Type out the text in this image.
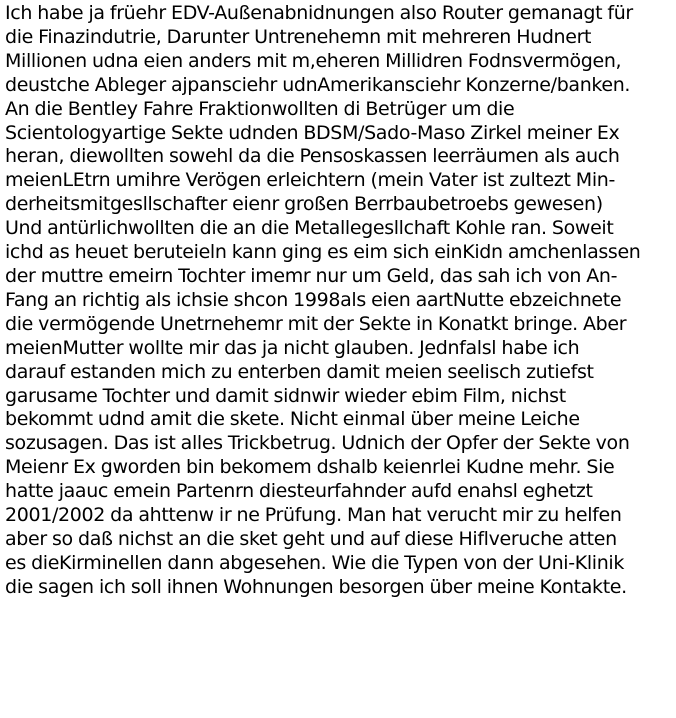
Ich habe ja früehr EDV-Außenabnidnungen also Router gemanagt für
die Finazindutrie, Darunter Untrenehemn mit mehreren Hudnert
Millionen udna eien anders mit m,eheren Millidren Fodnsvermögen,
deustche Ableger ajpansciehr udnAmerikansciehr Konzerne/banken.
An die Bentley Fahre Fraktionwollten di Betrüger um die
Scientologyartige Sekte udnden BDSM/Sado-Maso Zirkel meiner Ex
heran, diewollten sowehl da die Pensoskassen leerräumen als auch
meienLEtrn umihre Verögen erleichtern (mein Vater ist zultezt Min-
derheitsmitgesllschafter eienr großen Berrbaubetroebs gewesen)
Und antürlichwollten die an die Metallegesllchaft Kohle ran. Soweit
ichd as heuet beruteieln kann ging es eim sich einKidn amchenlassen
der muttre emeirn Tochter imemr nur um Geld, das sah ich von An-
Fang an richtig als ichsie shcon 1998als eien aartNutte ebzeichnete
die vermögende Unetrnehemr mit der Sekte in Konatkt bringe. Aber
meienMutter wollte mir das ja nicht glauben. Jednfalsl habe ich
darauf estanden mich zu enterben damit meien seelisch zutiefst
garusame Tochter und damit sidnwir wieder ebim Film, nichst
bekommt udnd amit die skete. Nicht einmal über meine Leiche
sozusagen. Das ist alles Trickbetrug. Udnich der Opfer der Sekte von
Meienr Ex gworden bin bekomem dshalb keienrlei Kudne mehr. Sie
hatte jaauc emein Partenrn diesteurfahnder aufd enahsl eghetzt
2001/2002 da ahttenw ir ne Prüfung. Man hat verucht mir zu helfen
aber so daß nichst an die sket geht und auf diese Hiflveruche atten
es dieKirminellen dann abgesehen. Wie die Typen von der Uni-Klinik
die sagen ich soll ihnen Wohnungen besorgen über meine Kontakte.
